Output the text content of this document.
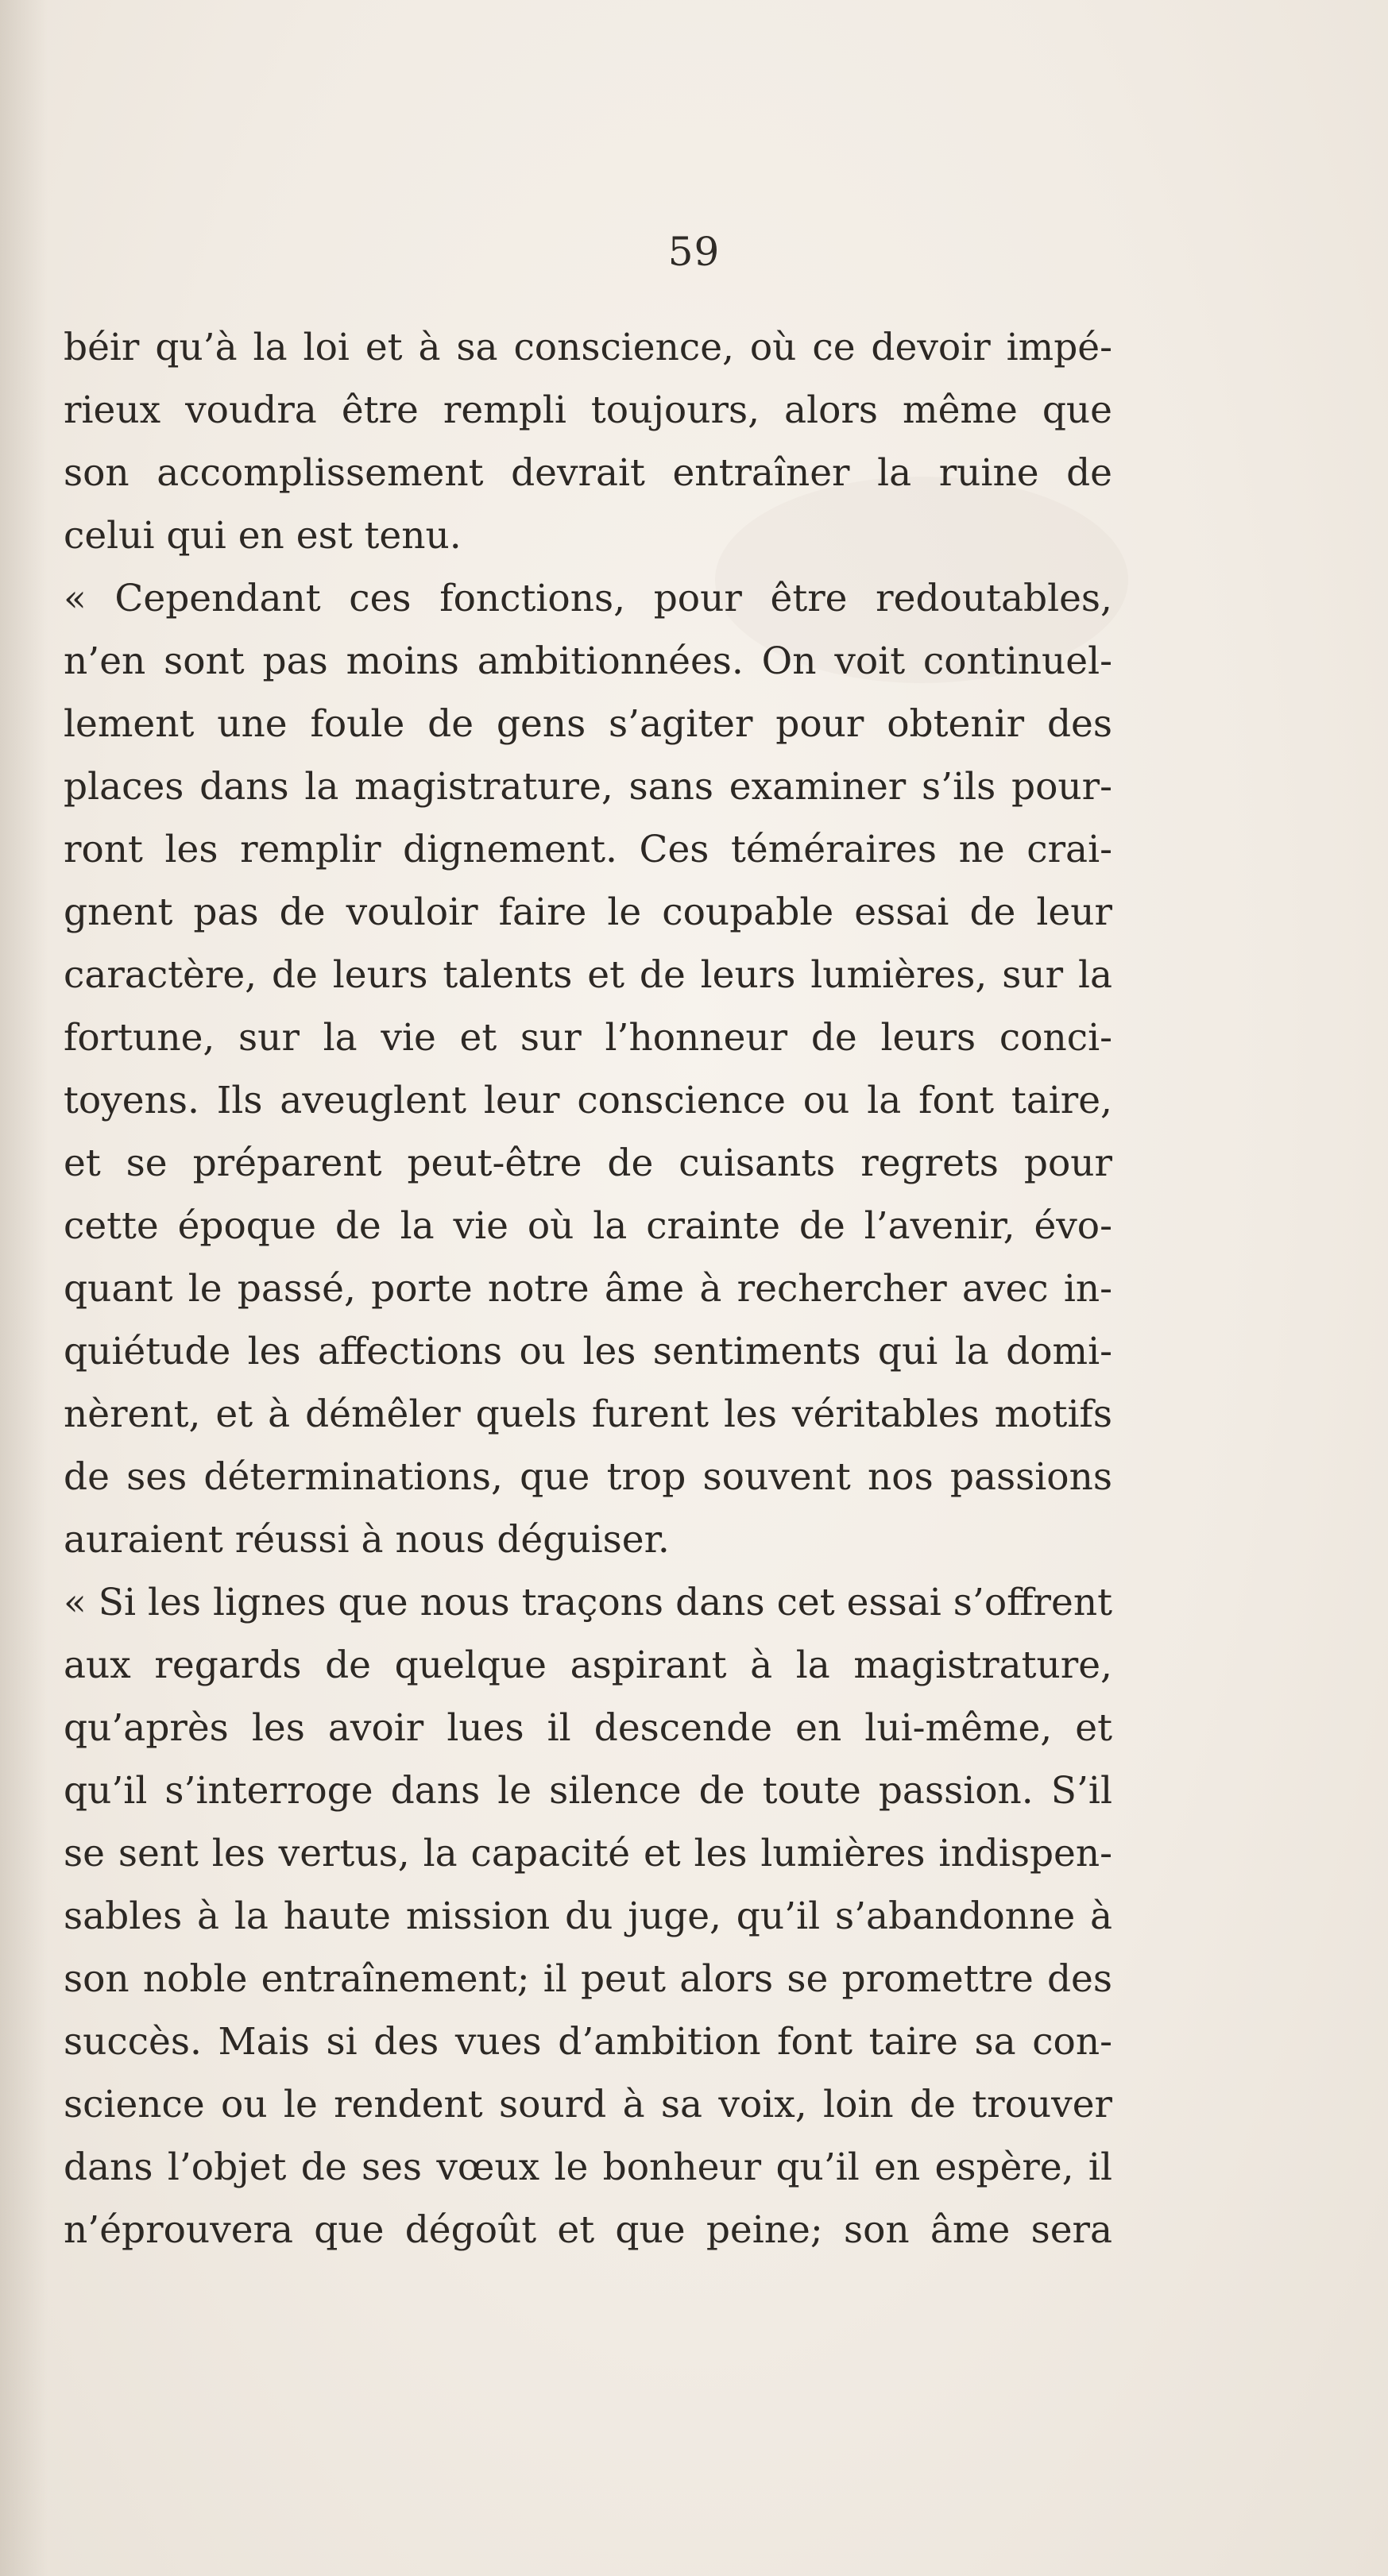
59

béir qu’à la loi et à sa conscience, où ce devoir impé-
rieux voudra être rempli toujours, alors même que
son accomplissement devrait entraîner la ruine de
celui qui en est tenu.
« Cependant ces fonctions, pour être redoutables,
n’en sont pas moins ambitionnées. On voit continuel-
lement une foule de gens s’agiter pour obtenir des
places dans la magistrature, sans examiner s’ils pour-
ront les remplir dignement. Ces téméraires ne crai-
gnent pas de vouloir faire le coupable essai de leur
caractère, de leurs talents et de leurs lumières, sur la
fortune, sur la vie et sur l’honneur de leurs conci-
toyens. Ils aveuglent leur conscience ou la font taire,
et se préparent peut-être de cuisants regrets pour
cette époque de la vie où la crainte de l’avenir, évo-
quant le passé, porte notre âme à rechercher avec in-
quiétude les affections ou les sentiments qui la domi-
nèrent, et à démêler quels furent les véritables motifs
de ses déterminations, que trop souvent nos passions
auraient réussi à nous déguiser.
« Si les lignes que nous traçons dans cet essai s’offrent
aux regards de quelque aspirant à la magistrature,
qu’après les avoir lues il descende en lui-même, et
qu’il s’interroge dans le silence de toute passion. S’il
se sent les vertus, la capacité et les lumières indispen-
sables à la haute mission du juge, qu’il s’abandonne à
son noble entraînement; il peut alors se promettre des
succès. Mais si des vues d’ambition font taire sa con-
science ou le rendent sourd à sa voix, loin de trouver
dans l’objet de ses vœux le bonheur qu’il en espère, il
n’éprouvera que dégoût et que peine; son âme sera
